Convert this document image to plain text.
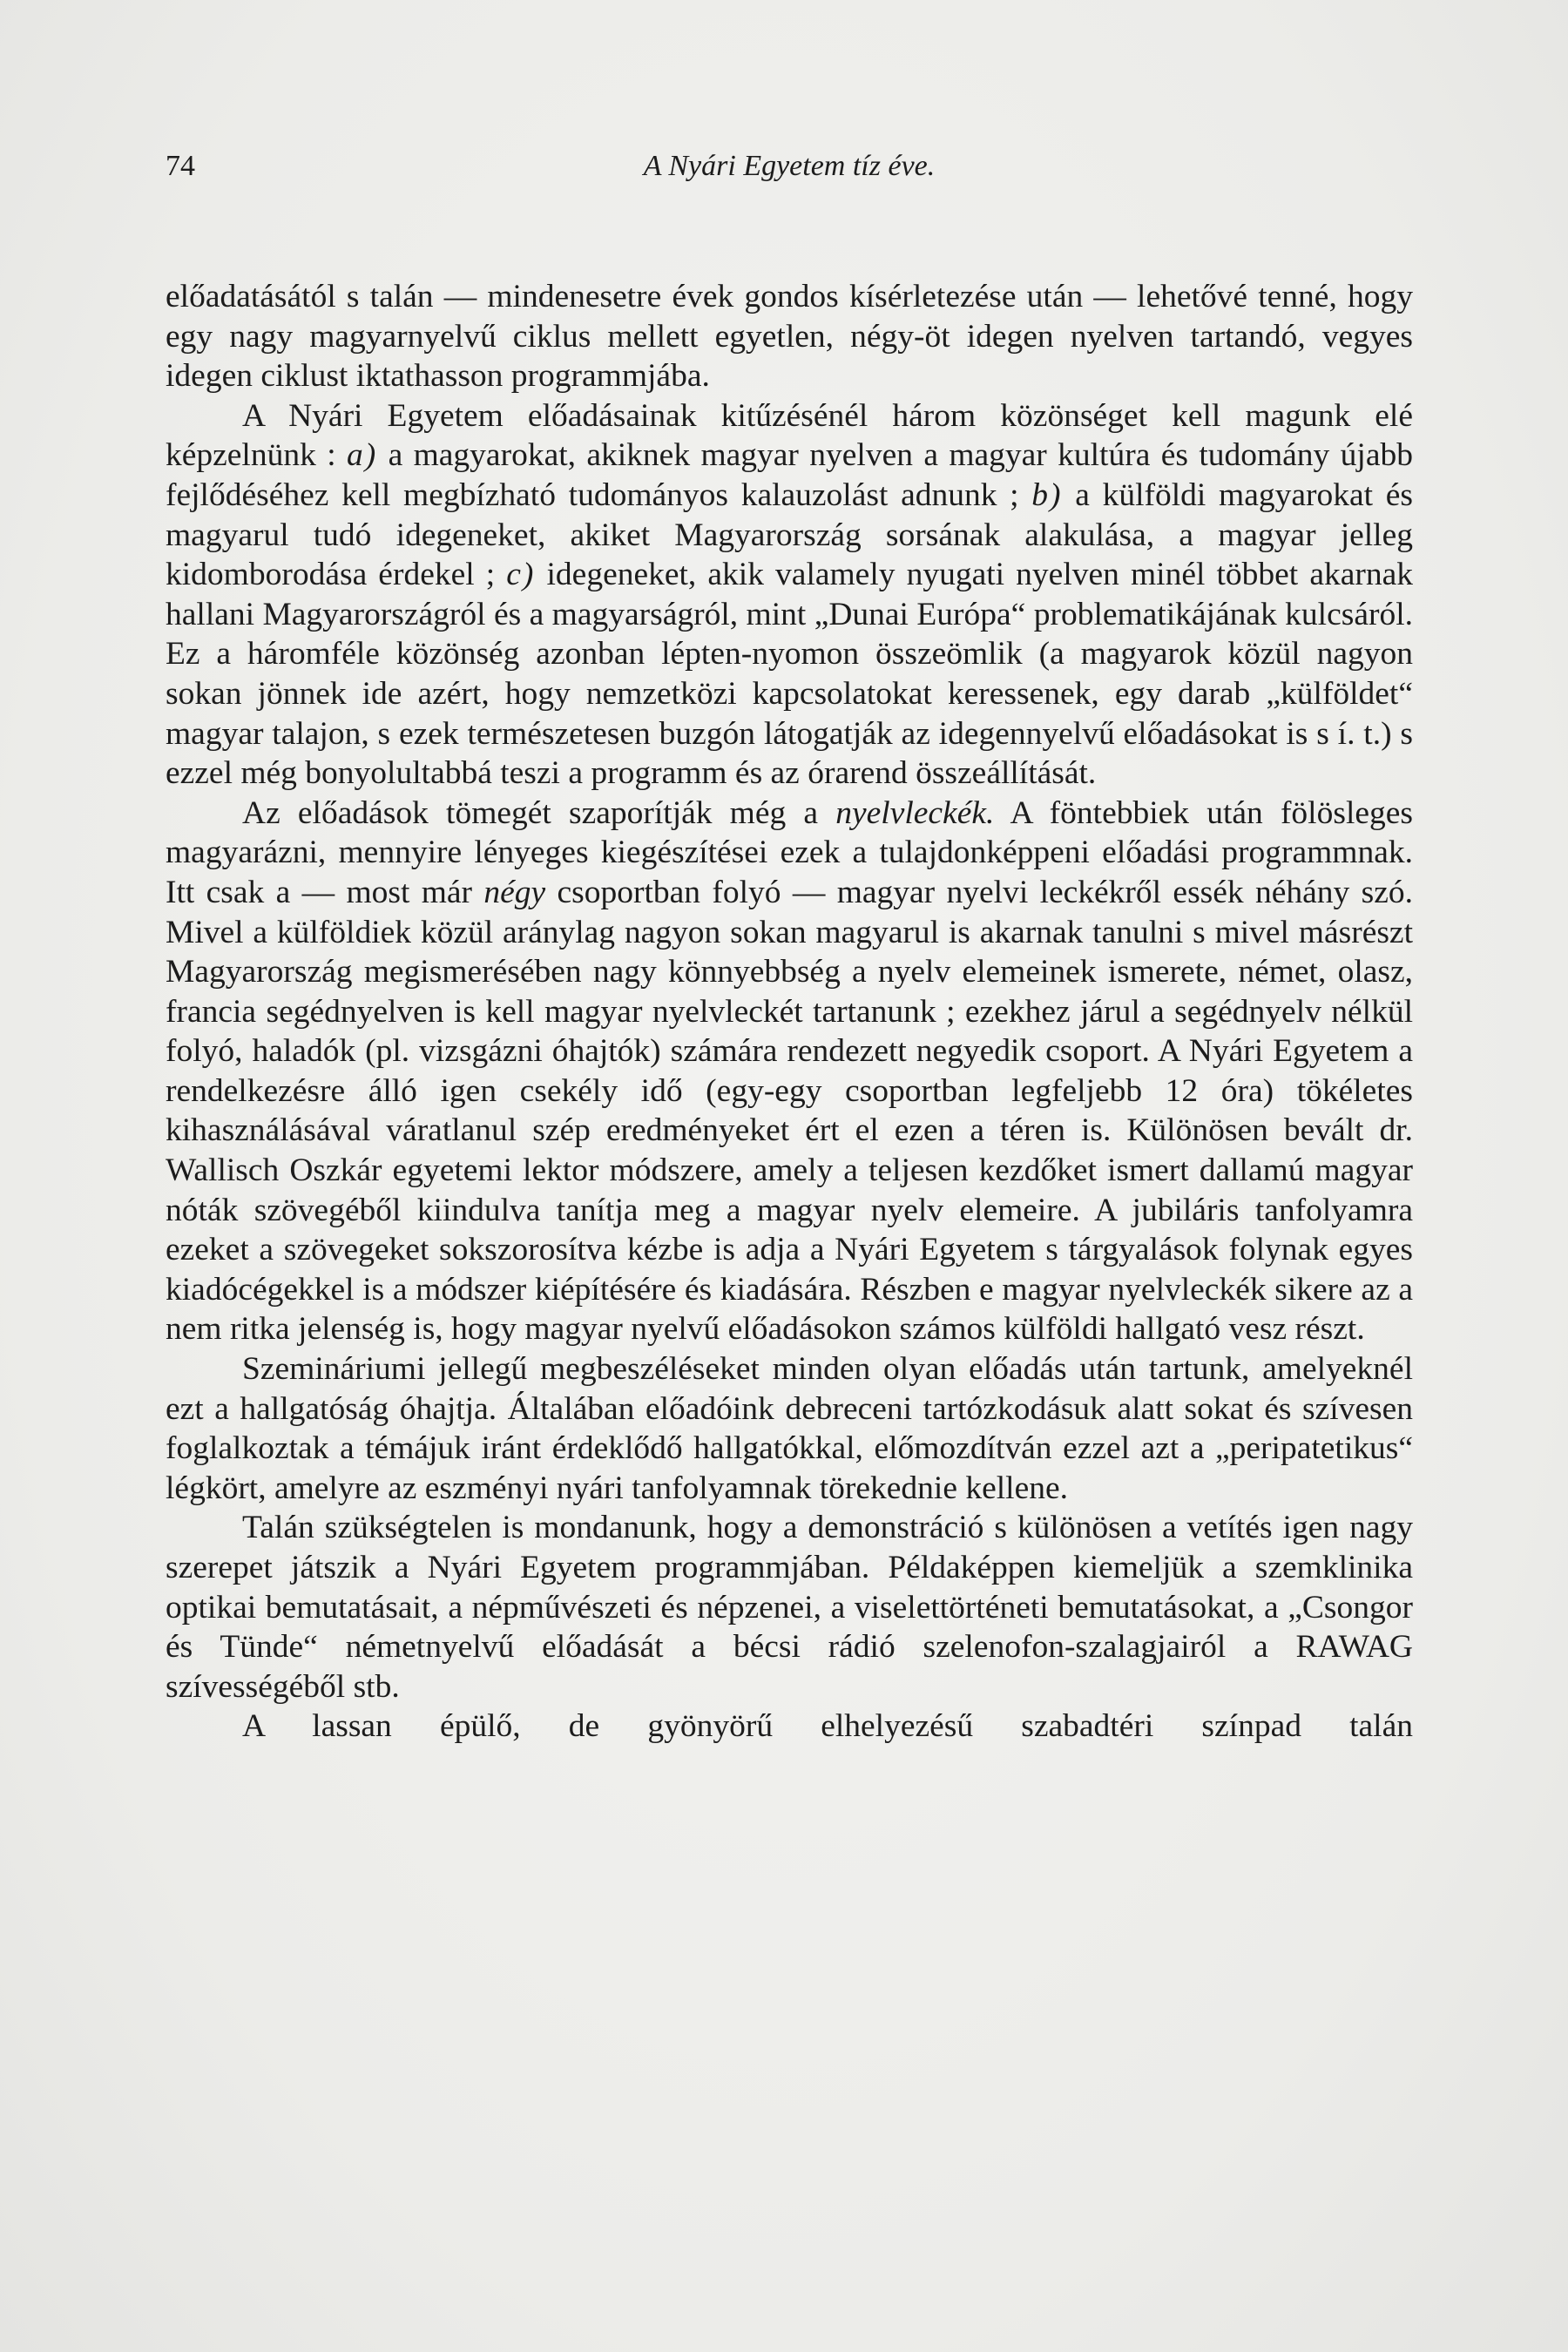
74	A Nyári Egyetem tíz éve.

előadatásától s talán — mindenesetre évek gondos kísérletezése után — lehetővé tenné, hogy egy nagy magyarnyelvű ciklus mellett egyetlen, négy-öt idegen nyelven tartandó, vegyes idegen ciklust iktathasson programmjába.

A Nyári Egyetem előadásainak kitűzésénél három közönséget kell magunk elé képzelnünk : a) a magyarokat, akiknek magyar nyelven a magyar kultúra és tudomány újabb fejlődéséhez kell megbízható tudományos kalauzolást adnunk ; b) a külföldi magyarokat és magyarul tudó idegeneket, akiket Magyarország sorsának alakulása, a magyar jelleg kidomborodása érdekel ; c) idegeneket, akik valamely nyugati nyelven minél többet akarnak hallani Magyarországról és a magyarságról, mint „Dunai Európa“ problematikájának kulcsáról. Ez a háromféle közönség azonban lépten-nyomon összeömlik (a magyarok közül nagyon sokan jönnek ide azért, hogy nemzetközi kapcsolatokat keressenek, egy darab „külföldet“ magyar talajon, s ezek természetesen buzgón látogatják az idegennyelvű előadásokat is s í. t.) s ezzel még bonyolultabbá teszi a programm és az órarend összeállítását.

Az előadások tömegét szaporítják még a nyelvleckék. A föntebbiek után fölösleges magyarázni, mennyire lényeges kiegészítései ezek a tulajdonképpeni előadási programmnak. Itt csak a — most már négy csoportban folyó — magyar nyelvi leckékről essék néhány szó. Mivel a külföldiek közül aránylag nagyon sokan magyarul is akarnak tanulni s mivel másrészt Magyarország megismerésében nagy könnyebbség a nyelv elemeinek ismerete, német, olasz, francia segédnyelven is kell magyar nyelvleckét tartanunk ; ezekhez járul a segédnyelv nélkül folyó, haladók (pl. vizsgázni óhajtók) számára rendezett negyedik csoport. A Nyári Egyetem a rendelkezésre álló igen csekély idő (egy-egy csoportban legfeljebb 12 óra) tökéletes kihasználásával váratlanul szép eredményeket ért el ezen a téren is. Különösen bevált dr. Wallisch Oszkár egyetemi lektor módszere, amely a teljesen kezdőket ismert dallamú magyar nóták szövegéből kiindulva tanítja meg a magyar nyelv elemeire. A jubiláris tanfolyamra ezeket a szövegeket sokszorosítva kézbe is adja a Nyári Egyetem s tárgyalások folynak egyes kiadócégekkel is a módszer kiépítésére és kiadására. Részben e magyar nyelvleckék sikere az a nem ritka jelenség is, hogy magyar nyelvű előadásokon számos külföldi hallgató vesz részt.

Szemináriumi jellegű megbeszéléseket minden olyan előadás után tartunk, amelyeknél ezt a hallgatóság óhajtja. Általában előadóink debreceni tartózkodásuk alatt sokat és szívesen foglalkoztak a témájuk iránt érdeklődő hallgatókkal, előmozdítván ezzel azt a „peripatetikus“ légkört, amelyre az eszményi nyári tanfolyamnak törekednie kellene.

Talán szükségtelen is mondanunk, hogy a demonstráció s különösen a vetítés igen nagy szerepet játszik a Nyári Egyetem programmjában. Példaképpen kiemeljük a szemklinika optikai bemutatásait, a népművészeti és népzenei, a viselettörténeti bemutatásokat, a „Csongor és Tünde“ németnyelvű előadását a bécsi rádió szelenofon-szalagjairól a RAWAG szívességéből stb.

A lassan épülő, de gyönyörű elhelyezésű szabadtéri színpad talán
